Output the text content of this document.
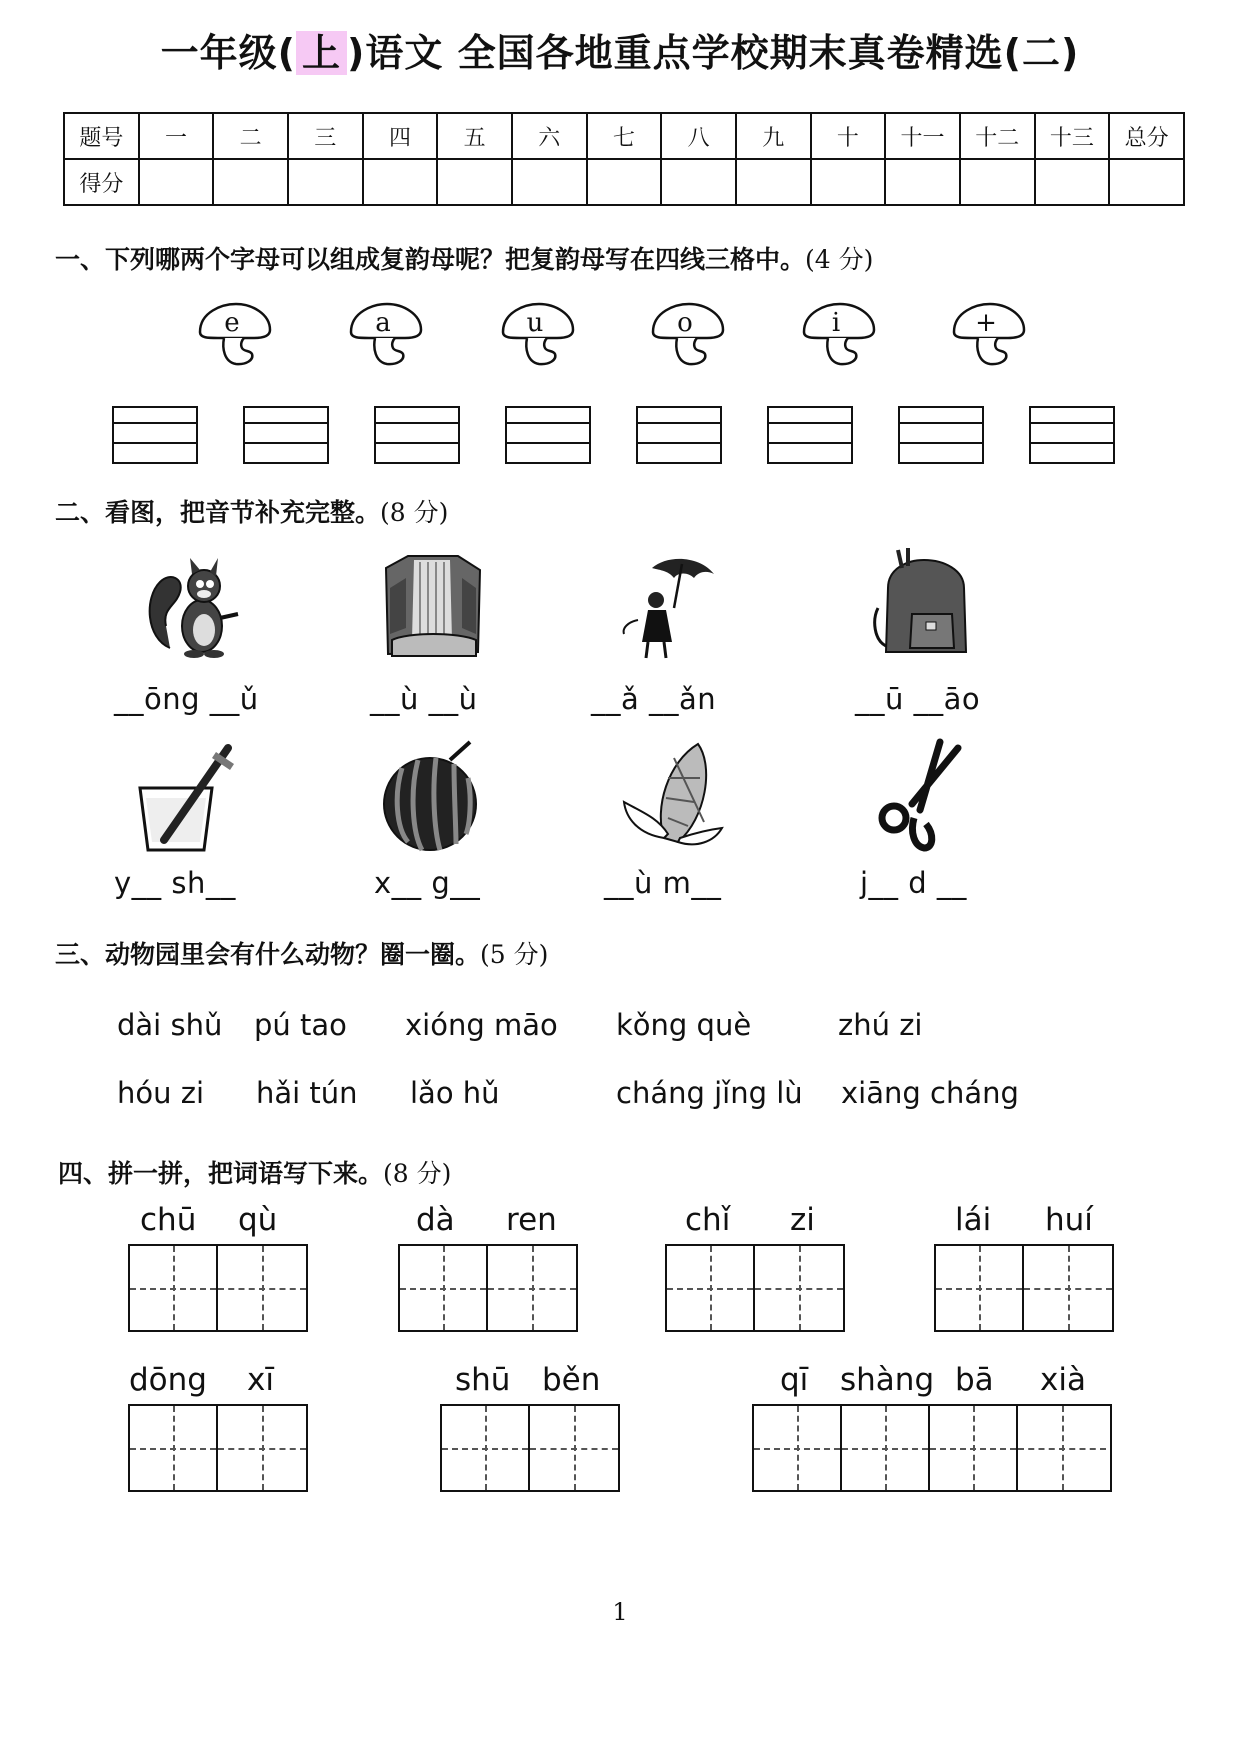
一年级( 上 )语文 全国各地重点学校期末真卷精选(二)
题号	一	二	三	四	五	六	七	八	九	十	十一	十二	十三	总分
得分														
一、下列哪两个字母可以组成复韵母呢？把复韵母写在四线三格中。(4 分)
e	a	u	o	i	+
二、看图，把音节补充完整。(8 分)
__ōng __ǔ	__ù __ù	__ǎ __ǎn	__ū __āo
y__ sh__	x__ g__	__ù m__	j__ d __
三、动物园里会有什么动物？圈一圈。(5 分)
dài shǔ pú tao xióng māo kǒng què	zhú zi
hóu zi hǎi tún lǎo hǔ	cháng jǐng lù xiāng cháng
四、拼一拼，把词语写下来。(8 分)
chū qù	dà ren	chǐ zi	lái huí
dōng xī	shū běn	qī shàng bā xià
1
